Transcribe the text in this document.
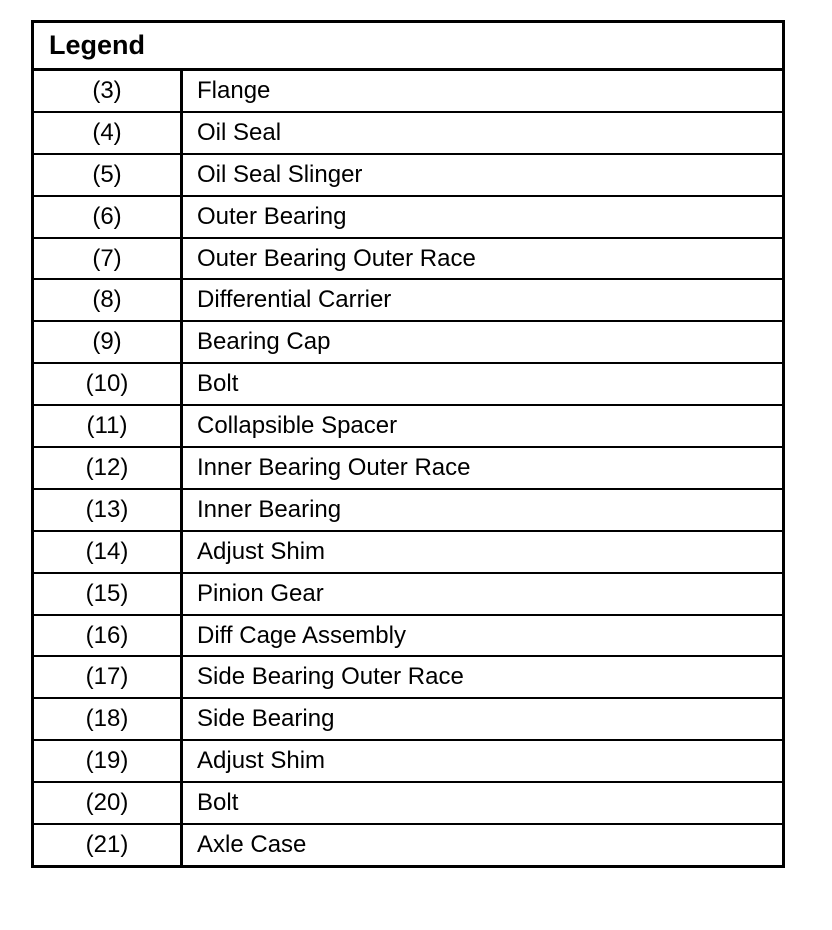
Legend
(3)	Flange
(4)	Oil Seal
(5)	Oil Seal Slinger
(6)	Outer Bearing
(7)	Outer Bearing Outer Race
(8)	Differential Carrier
(9)	Bearing Cap
(10)	Bolt
(11)	Collapsible Spacer
(12)	Inner Bearing Outer Race
(13)	Inner Bearing
(14)	Adjust Shim
(15)	Pinion Gear
(16)	Diff Cage Assembly
(17)	Side Bearing Outer Race
(18)	Side Bearing
(19)	Adjust Shim
(20)	Bolt
(21)	Axle Case
